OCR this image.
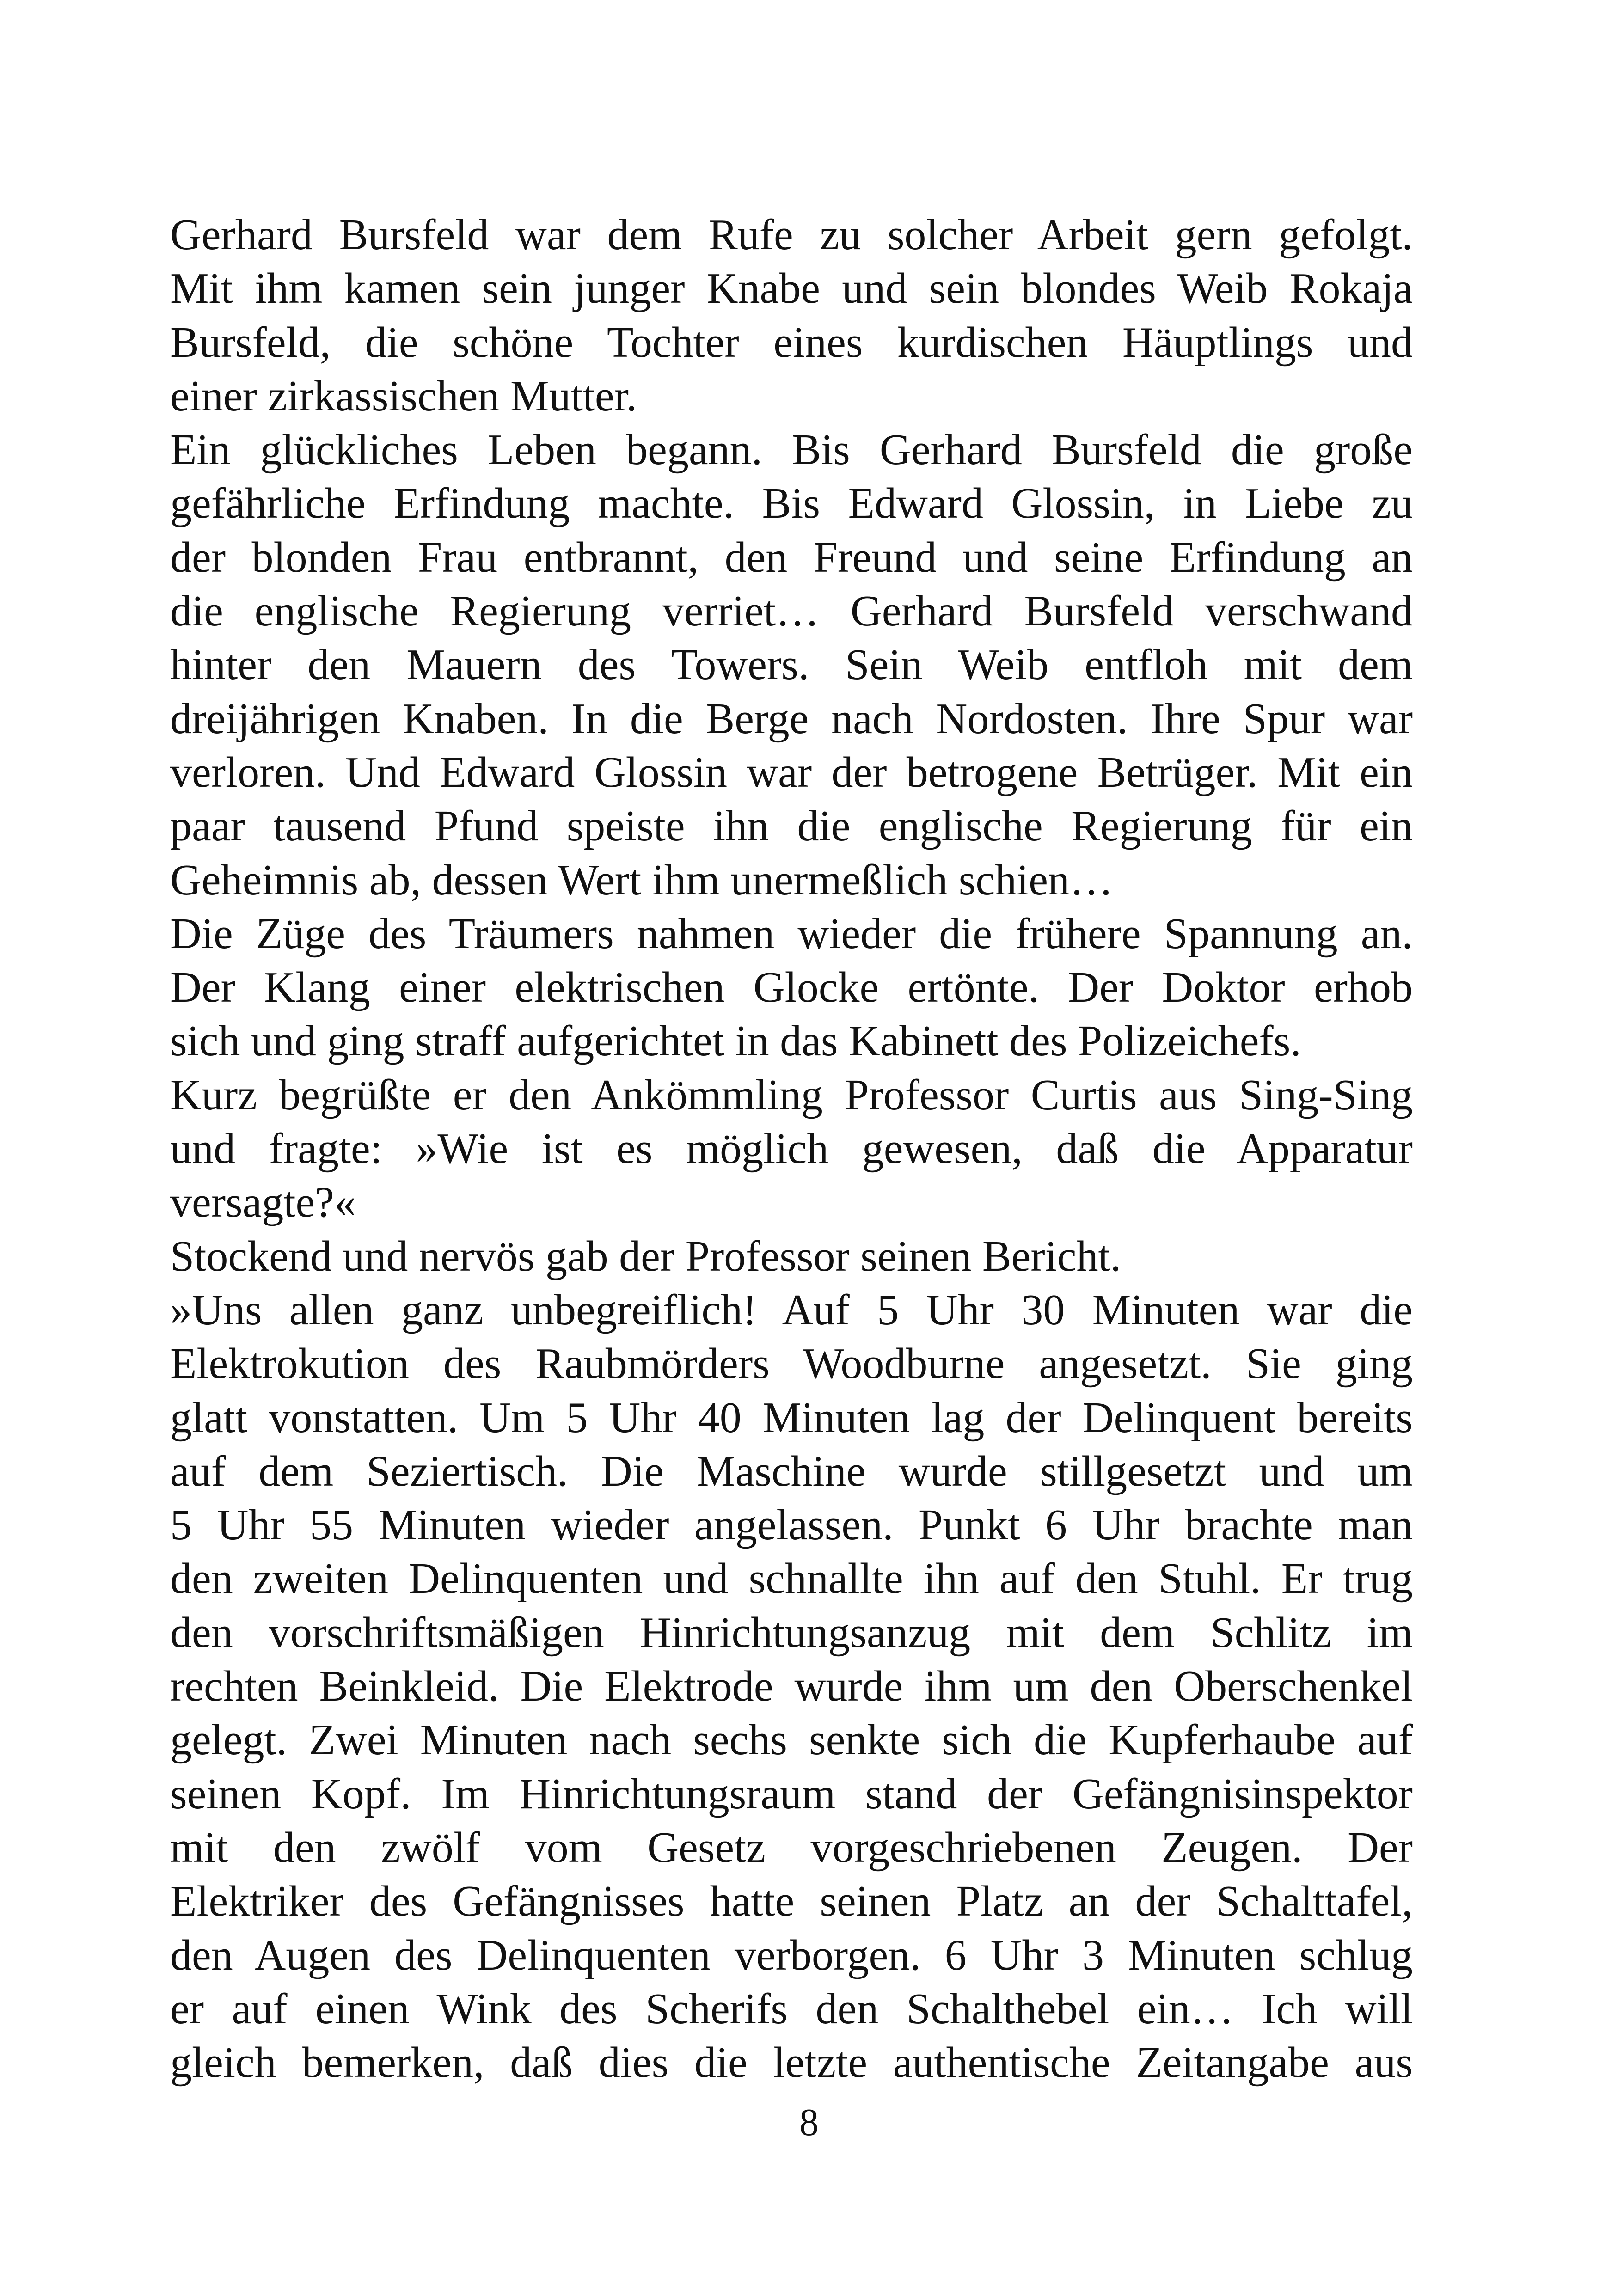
Gerhard Bursfeld war dem Rufe zu solcher Arbeit gern gefolgt.
Mit ihm kamen sein junger Knabe und sein blondes Weib Rokaja
Bursfeld, die schöne Tochter eines kurdischen Häuptlings und
einer zirkassischen Mutter.
Ein glückliches Leben begann. Bis Gerhard Bursfeld die große
gefährliche Erfindung machte. Bis Edward Glossin, in Liebe zu
der blonden Frau entbrannt, den Freund und seine Erfindung an
die englische Regierung verriet… Gerhard Bursfeld verschwand
hinter den Mauern des Towers. Sein Weib entfloh mit dem
dreijährigen Knaben. In die Berge nach Nordosten. Ihre Spur war
verloren. Und Edward Glossin war der betrogene Betrüger. Mit ein
paar tausend Pfund speiste ihn die englische Regierung für ein
Geheimnis ab, dessen Wert ihm unermeßlich schien…
Die Züge des Träumers nahmen wieder die frühere Spannung an.
Der Klang einer elektrischen Glocke ertönte. Der Doktor erhob
sich und ging straff aufgerichtet in das Kabinett des Polizeichefs.
Kurz begrüßte er den Ankömmling Professor Curtis aus Sing-Sing
und fragte: »Wie ist es möglich gewesen, daß die Apparatur
versagte?«
Stockend und nervös gab der Professor seinen Bericht.
»Uns allen ganz unbegreiflich! Auf 5 Uhr 30 Minuten war die
Elektrokution des Raubmörders Woodburne angesetzt. Sie ging
glatt vonstatten. Um 5 Uhr 40 Minuten lag der Delinquent bereits
auf dem Seziertisch. Die Maschine wurde stillgesetzt und um
5 Uhr 55 Minuten wieder angelassen. Punkt 6 Uhr brachte man
den zweiten Delinquenten und schnallte ihn auf den Stuhl. Er trug
den vorschriftsmäßigen Hinrichtungsanzug mit dem Schlitz im
rechten Beinkleid. Die Elektrode wurde ihm um den Oberschenkel
gelegt. Zwei Minuten nach sechs senkte sich die Kupferhaube auf
seinen Kopf. Im Hinrichtungsraum stand der Gefängnisinspektor
mit den zwölf vom Gesetz vorgeschriebenen Zeugen. Der
Elektriker des Gefängnisses hatte seinen Platz an der Schalttafel,
den Augen des Delinquenten verborgen. 6 Uhr 3 Minuten schlug
er auf einen Wink des Scherifs den Schalthebel ein… Ich will
gleich bemerken, daß dies die letzte authentische Zeitangabe aus
8
